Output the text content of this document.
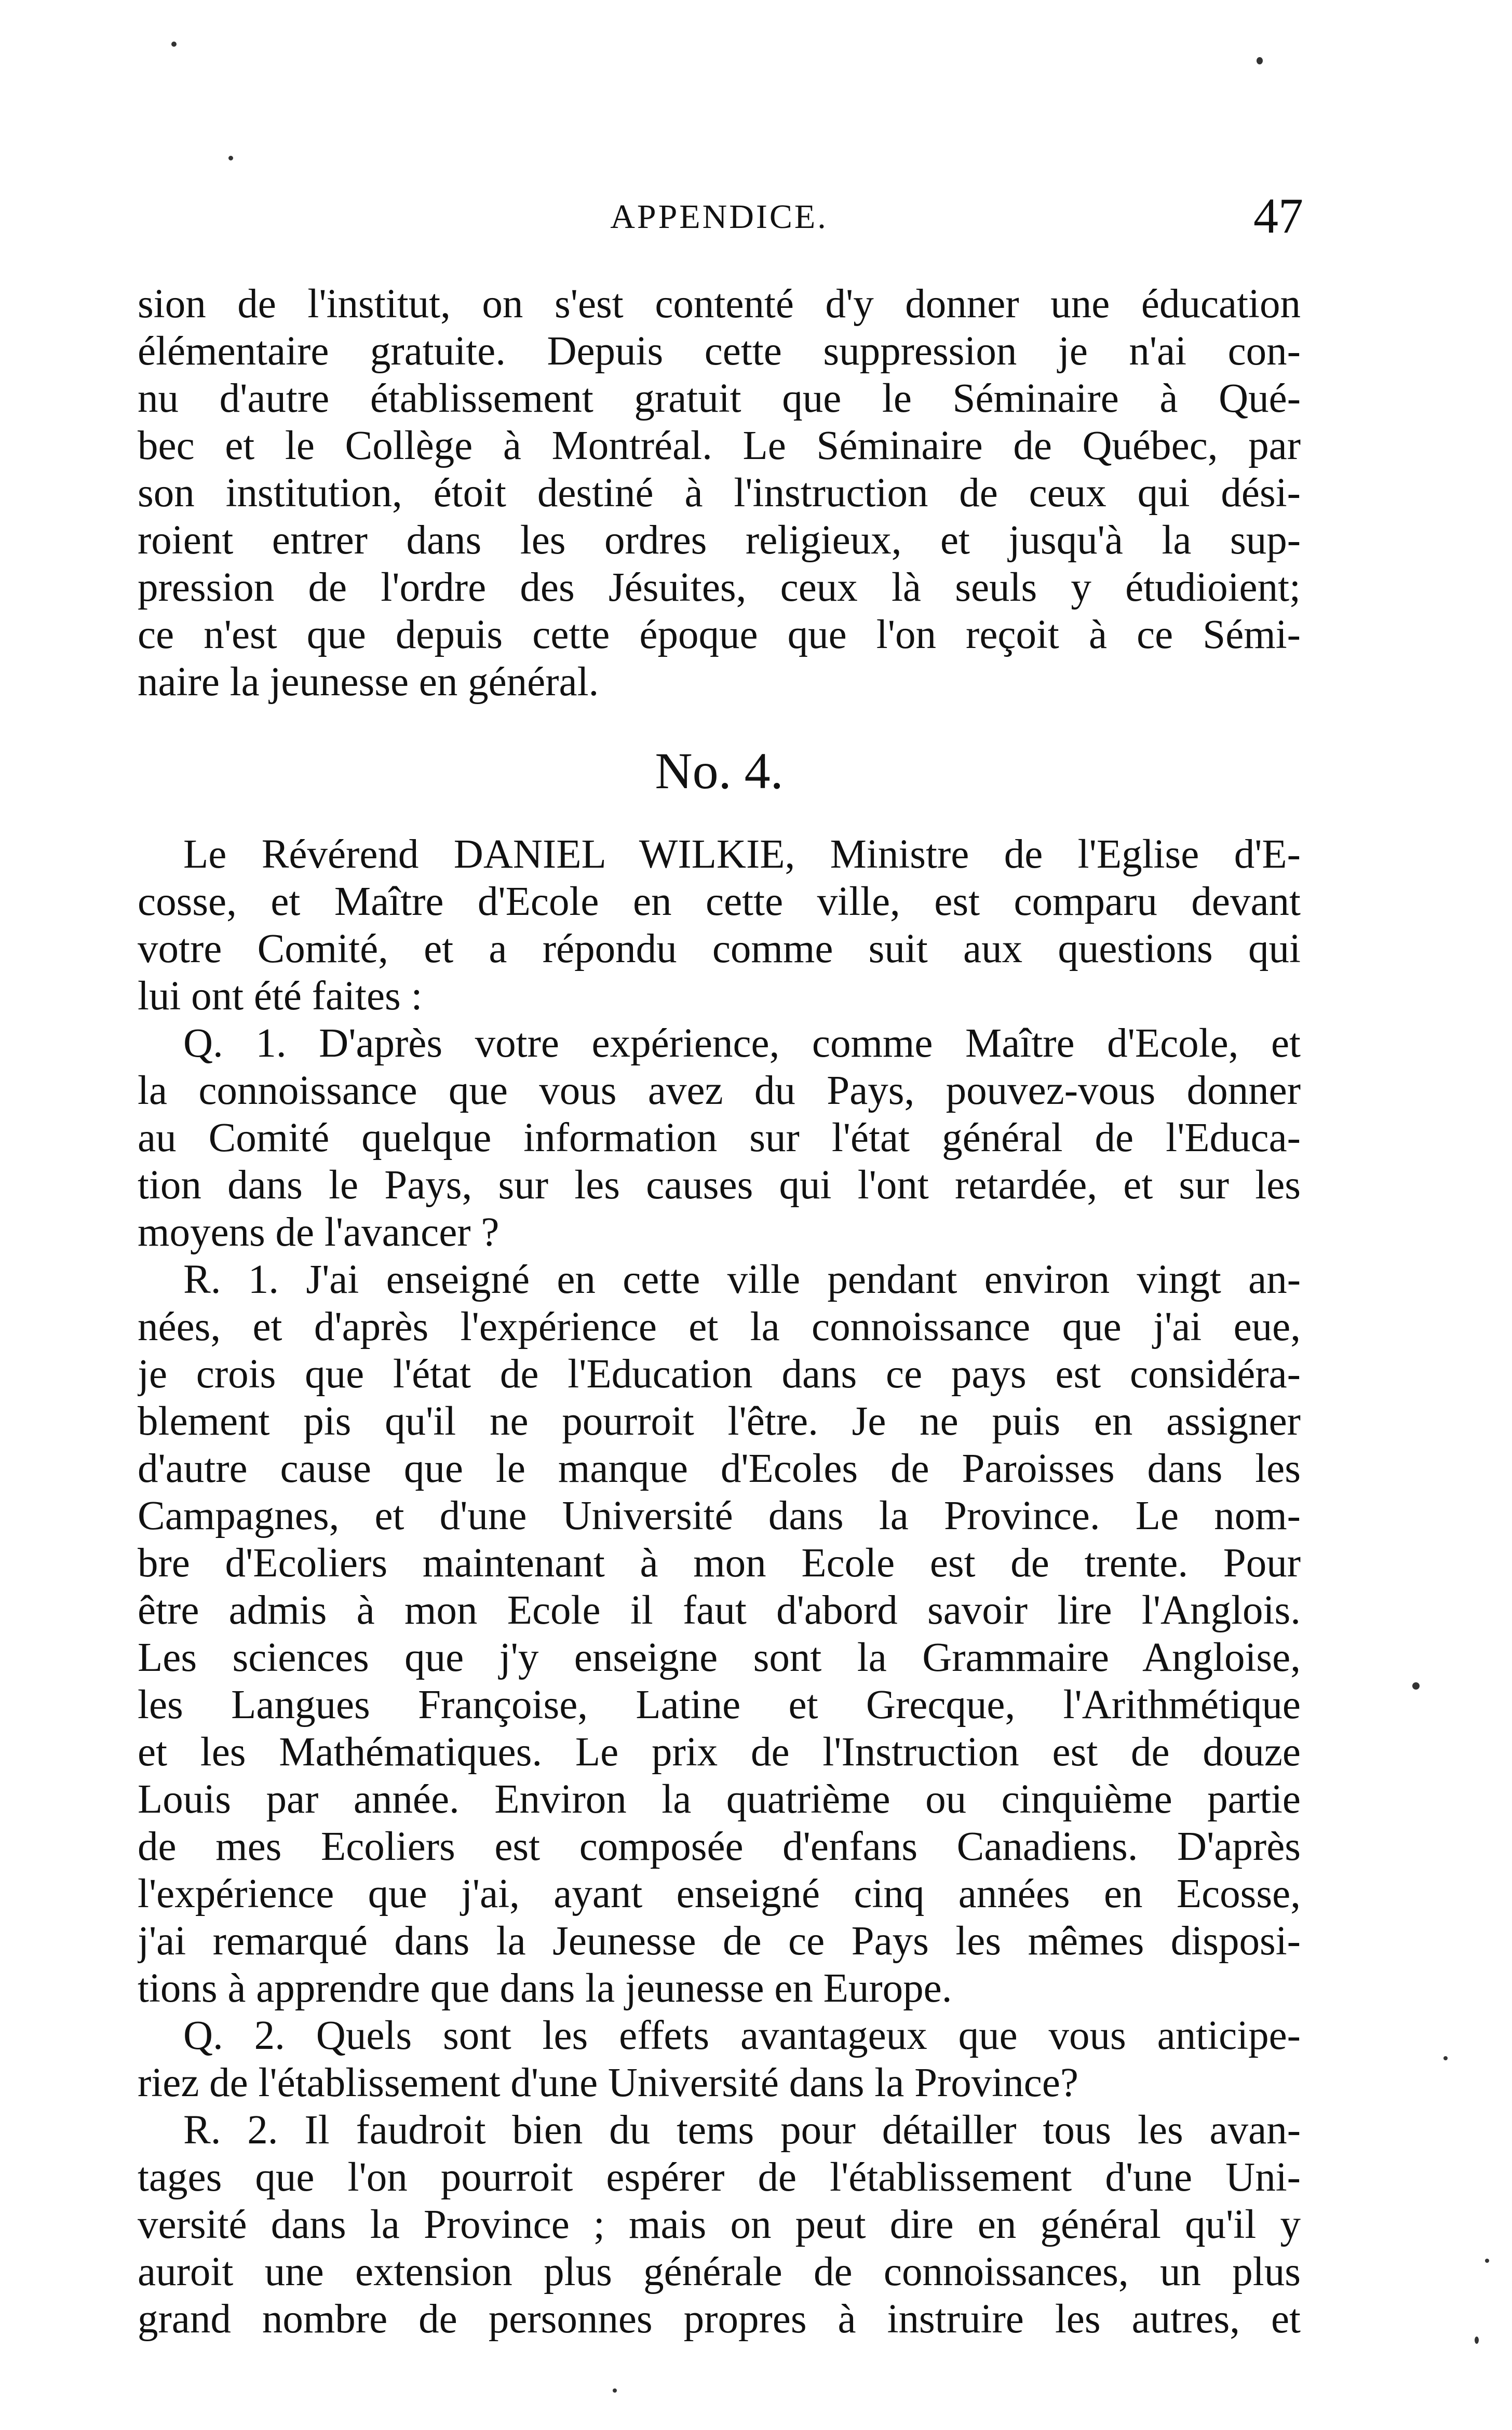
APPENDICE.	47
sion de l'institut, on s'est contenté d'y donner une éducation
élémentaire gratuite. Depuis cette suppression je n'ai con-
nu d'autre établissement gratuit que le Séminaire à Qué-
bec et le Collège à Montréal. Le Séminaire de Québec, par
son institution, étoit destiné à l'instruction de ceux qui dési-
roient entrer dans les ordres religieux, et jusqu'à la sup-
pression de l'ordre des Jésuites, ceux là seuls y étudioient;
ce n'est que depuis cette époque que l'on reçoit à ce Sémi-
naire la jeunesse en général.
No. 4.
Le Révérend DANIEL WILKIE, Ministre de l'Eglise d'E-
cosse, et Maître d'Ecole en cette ville, est comparu devant
votre Comité, et a répondu comme suit aux questions qui
lui ont été faites :
Q. 1. D'après votre expérience, comme Maître d'Ecole, et
la connoissance que vous avez du Pays, pouvez-vous donner
au Comité quelque information sur l'état général de l'Educa-
tion dans le Pays, sur les causes qui l'ont retardée, et sur les
moyens de l'avancer ?
R. 1. J'ai enseigné en cette ville pendant environ vingt an-
nées, et d'après l'expérience et la connoissance que j'ai eue,
je crois que l'état de l'Education dans ce pays est considéra-
blement pis qu'il ne pourroit l'être. Je ne puis en assigner
d'autre cause que le manque d'Ecoles de Paroisses dans les
Campagnes, et d'une Université dans la Province. Le nom-
bre d'Ecoliers maintenant à mon Ecole est de trente. Pour
être admis à mon Ecole il faut d'abord savoir lire l'Anglois.
Les sciences que j'y enseigne sont la Grammaire Angloise,
les Langues Françoise, Latine et Grecque, l'Arithmétique
et les Mathématiques. Le prix de l'Instruction est de douze
Louis par année. Environ la quatrième ou cinquième partie
de mes Ecoliers est composée d'enfans Canadiens. D'après
l'expérience que j'ai, ayant enseigné cinq années en Ecosse,
j'ai remarqué dans la Jeunesse de ce Pays les mêmes disposi-
tions à apprendre que dans la jeunesse en Europe.
Q. 2. Quels sont les effets avantageux que vous anticipe-
riez de l'établissement d'une Université dans la Province?
R. 2. Il faudroit bien du tems pour détailler tous les avan-
tages que l'on pourroit espérer de l'établissement d'une Uni-
versité dans la Province ; mais on peut dire en général qu'il y
auroit une extension plus générale de connoissances, un plus
grand nombre de personnes propres à instruire les autres, et
